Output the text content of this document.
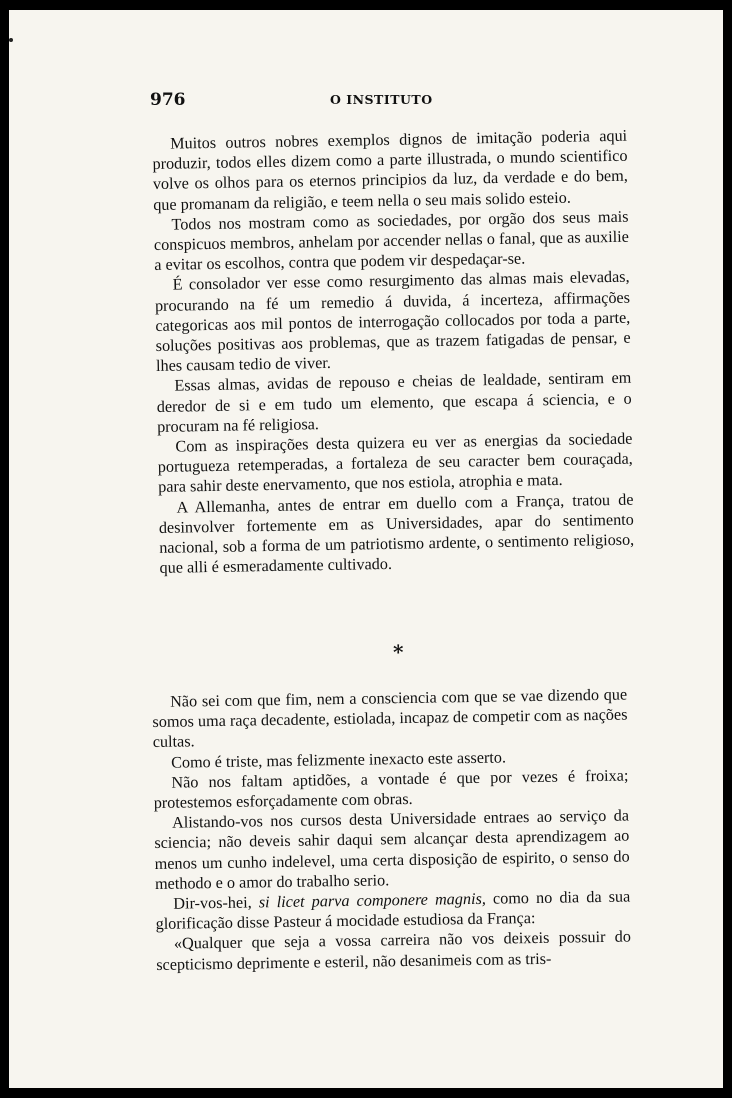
976	O INSTITUTO

Muitos outros nobres exemplos dignos de imitação poderia aqui produzir, todos elles dizem como a parte illustrada, o mundo scientifico volve os olhos para os eternos principios da luz, da verdade e do bem, que promanam da religião, e teem nella o seu mais solido esteio.

Todos nos mostram como as sociedades, por orgão dos seus mais conspicuos membros, anhelam por accender nellas o fanal, que as auxilie a evitar os escolhos, contra que podem vir despedaçar-se.

É consolador ver esse como resurgimento das almas mais elevadas, procurando na fé um remedio á duvida, á incerteza, affirmações categoricas aos mil pontos de interrogação collocados por toda a parte, soluções positivas aos problemas, que as trazem fatigadas de pensar, e lhes causam tedio de viver.

Essas almas, avidas de repouso e cheias de lealdade, sentiram em deredor de si e em tudo um elemento, que escapa á sciencia, e o procuram na fé religiosa.

Com as inspirações desta quizera eu ver as energias da sociedade portugueza retemperadas, a fortaleza de seu caracter bem couraçada, para sahir deste enervamento, que nos estiola, atrophia e mata.

A Allemanha, antes de entrar em duello com a França, tratou de desinvolver fortemente em as Universidades, apar do sentimento nacional, sob a forma de um patriotismo ardente, o sentimento religioso, que alli é esmeradamente cultivado.

*

Não sei com que fim, nem a consciencia com que se vae dizendo que somos uma raça decadente, estiolada, incapaz de competir com as nações cultas.

Como é triste, mas felizmente inexacto este asserto.

Não nos faltam aptidões, a vontade é que por vezes é froixa; protestemos esforçadamente com obras.

Alistando-vos nos cursos desta Universidade entraes ao serviço da sciencia; não deveis sahir daqui sem alcançar desta aprendizagem ao menos um cunho indelevel, uma certa disposição de espirito, o senso do methodo e o amor do trabalho serio.

Dir-vos-hei, si licet parva componere magnis, como no dia da sua glorificação disse Pasteur á mocidade estudiosa da França:

«Qualquer que seja a vossa carreira não vos deixeis possuir do scepticismo deprimente e esteril, não desanimeis com as tris-
